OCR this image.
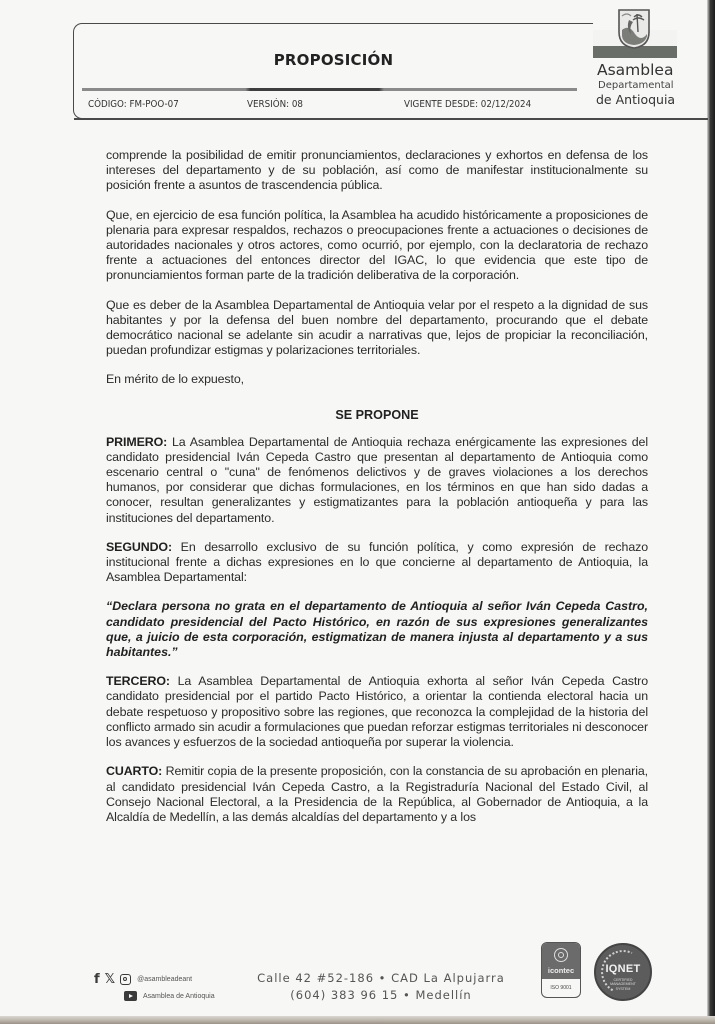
PROPOSICIÓN
CÓDIGO: FM-POO-07	VERSIÓN: 08	VIGENTE DESDE: 02/12/2024
Asamblea
Departamental
de Antioquia

comprende la posibilidad de emitir pronunciamientos, declaraciones y exhortos en defensa de los intereses del departamento y de su población, así como de manifestar institucionalmente su posición frente a asuntos de trascendencia pública.

Que, en ejercicio de esa función política, la Asamblea ha acudido históricamente a proposiciones de plenaria para expresar respaldos, rechazos o preocupaciones frente a actuaciones o decisiones de autoridades nacionales y otros actores, como ocurrió, por ejemplo, con la declaratoria de rechazo frente a actuaciones del entonces director del IGAC, lo que evidencia que este tipo de pronunciamientos forman parte de la tradición deliberativa de la corporación.

Que es deber de la Asamblea Departamental de Antioquia velar por el respeto a la dignidad de sus habitantes y por la defensa del buen nombre del departamento, procurando que el debate democrático nacional se adelante sin acudir a narrativas que, lejos de propiciar la reconciliación, puedan profundizar estigmas y polarizaciones territoriales.

En mérito de lo expuesto,

SE PROPONE

PRIMERO: La Asamblea Departamental de Antioquia rechaza enérgicamente las expresiones del candidato presidencial Iván Cepeda Castro que presentan al departamento de Antioquia como escenario central o "cuna" de fenómenos delictivos y de graves violaciones a los derechos humanos, por considerar que dichas formulaciones, en los términos en que han sido dadas a conocer, resultan generalizantes y estigmatizantes para la población antioqueña y para las instituciones del departamento.

SEGUNDO: En desarrollo exclusivo de su función política, y como expresión de rechazo institucional frente a dichas expresiones en lo que concierne al departamento de Antioquia, la Asamblea Departamental:

“Declara persona no grata en el departamento de Antioquia al señor Iván Cepeda Castro, candidato presidencial del Pacto Histórico, en razón de sus expresiones generalizantes que, a juicio de esta corporación, estigmatizan de manera injusta al departamento y a sus habitantes.”

TERCERO: La Asamblea Departamental de Antioquia exhorta al señor Iván Cepeda Castro candidato presidencial por el partido Pacto Histórico, a orientar la contienda electoral hacia un debate respetuoso y propositivo sobre las regiones, que reconozca la complejidad de la historia del conflicto armado sin acudir a formulaciones que puedan reforzar estigmas territoriales ni desconocer los avances y esfuerzos de la sociedad antioqueña por superar la violencia.

CUARTO: Remitir copia de la presente proposición, con la constancia de su aprobación en plenaria, al candidato presidencial Iván Cepeda Castro, a la Registraduría Nacional del Estado Civil, al Consejo Nacional Electoral, a la Presidencia de la República, al Gobernador de Antioquia, a la Alcaldía de Medellín, a las demás alcaldías del departamento y a los

f 𝕏	@asambleadeant
Asamblea de Antioquia
Calle 42 #52-186 • CAD La Alpujarra
(604) 383 96 15 • Medellín
icontec
ISO 9001
IQNET
CERTIFIED MANAGEMENT SYSTEM
